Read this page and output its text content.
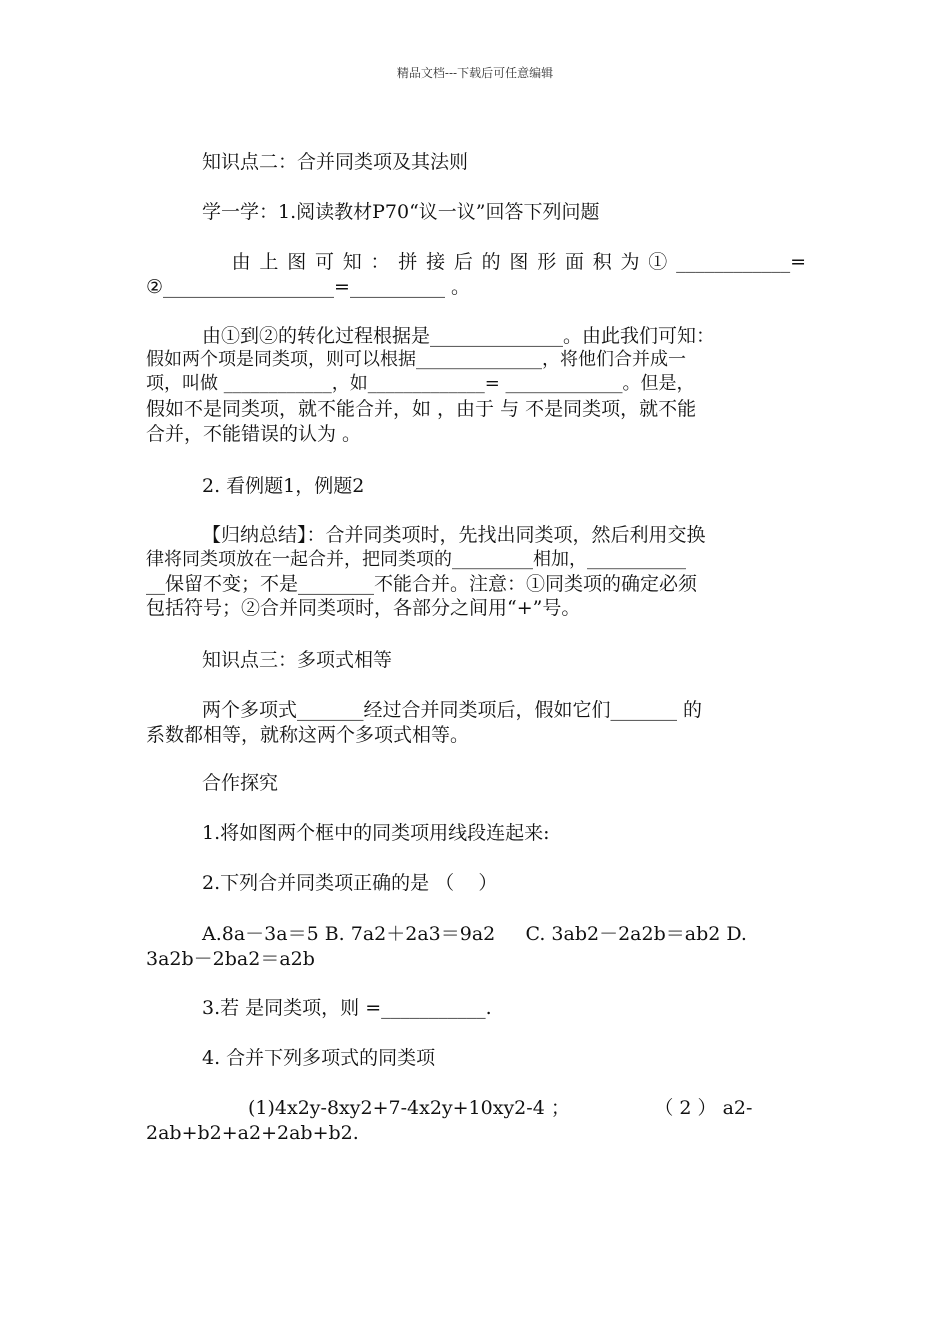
精品文档---下载后可任意编辑
知识点二：合并同类项及其法则
学一学：1.阅读教材P70“议一议”回答下列问题
由上图可知：拼接后的图形面积为①____________=
②__________________=__________ 。
由①到②的转化过程根据是______________。由此我们可知：
假如两个项是同类项，则可以根据______________，将他们合并成一
项，叫做 ____________，如_____________= _____________。但是，
假如不是同类项，就不能合并，如 ，由于 与 不是同类项，就不能
合并，不能错误的认为 。
2. 看例题1，例题2
【归纳总结】：合并同类项时，先找出同类项，然后利用交换
律将同类项放在一起合并，把同类项的_________相加，___________
__保留不变；不是________不能合并。注意：①同类项的确定必须
包括符号；②合并同类项时，各部分之间用“+”号。
知识点三：多项式相等
两个多项式_______经过合并同类项后，假如它们_______ 的
系数都相等，就称这两个多项式相等。
合作探究
1.将如图两个框中的同类项用线段连起来:
2.下列合并同类项正确的是 （    ）
A.8a－3a＝5 B. 7a2＋2a3＝9a2     C. 3ab2－2a2b＝ab2 D.
3a2b－2ba2＝a2b
3.若 是同类项，则 =___________.
4. 合并下列多项式的同类项
(1)4x2y-8xy2+7-4x2y+10xy2-4 ；              （ 2 ） a2-
2ab+b2+a2+2ab+b2.
